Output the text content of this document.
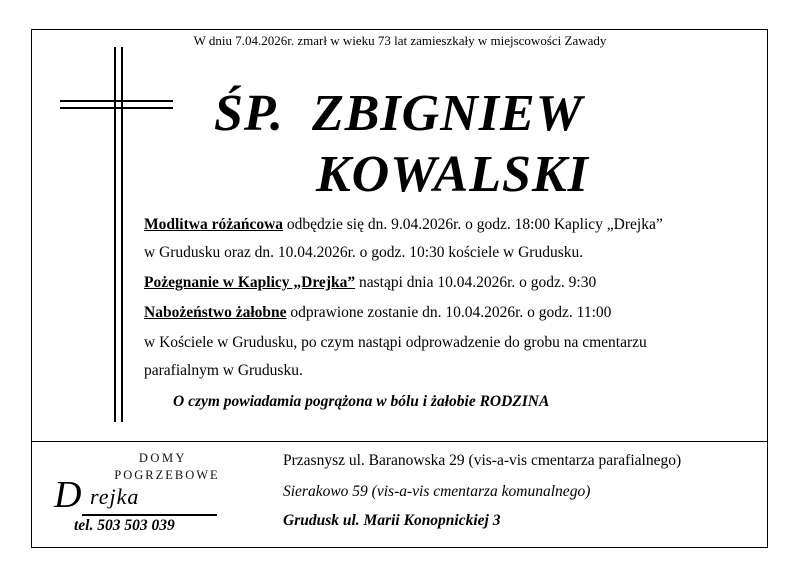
W dniu 7.04.2026r. zmarł w wieku 73 lat zamieszkały w miejscowości Zawady
ŚP.  ZBIGNIEW
KOWALSKI
Modlitwa różańcowa odbędzie się dn. 9.04.2026r. o godz. 18:00 Kaplicy „Drejka”
w Grudusku oraz dn. 10.04.2026r. o godz. 10:30 kościele w Grudusku.
Pożegnanie w Kaplicy „Drejka” nastąpi dnia 10.04.2026r. o godz. 9:30
Nabożeństwo żałobne odprawione zostanie dn. 10.04.2026r. o godz. 11:00
w Kościele w Grudusku, po czym nastąpi odprowadzenie do grobu na cmentarzu
parafialnym w Grudusku.
O czym powiadamia pogrążona w bólu i żałobie RODZINA
DOMY
POGRZEBOWE
D rejka
tel. 503 503 039
Przasnysz ul. Baranowska 29 (vis-a-vis cmentarza parafialnego)
Sierakowo 59 (vis-a-vis cmentarza komunalnego)
Grudusk ul. Marii Konopnickiej 3
